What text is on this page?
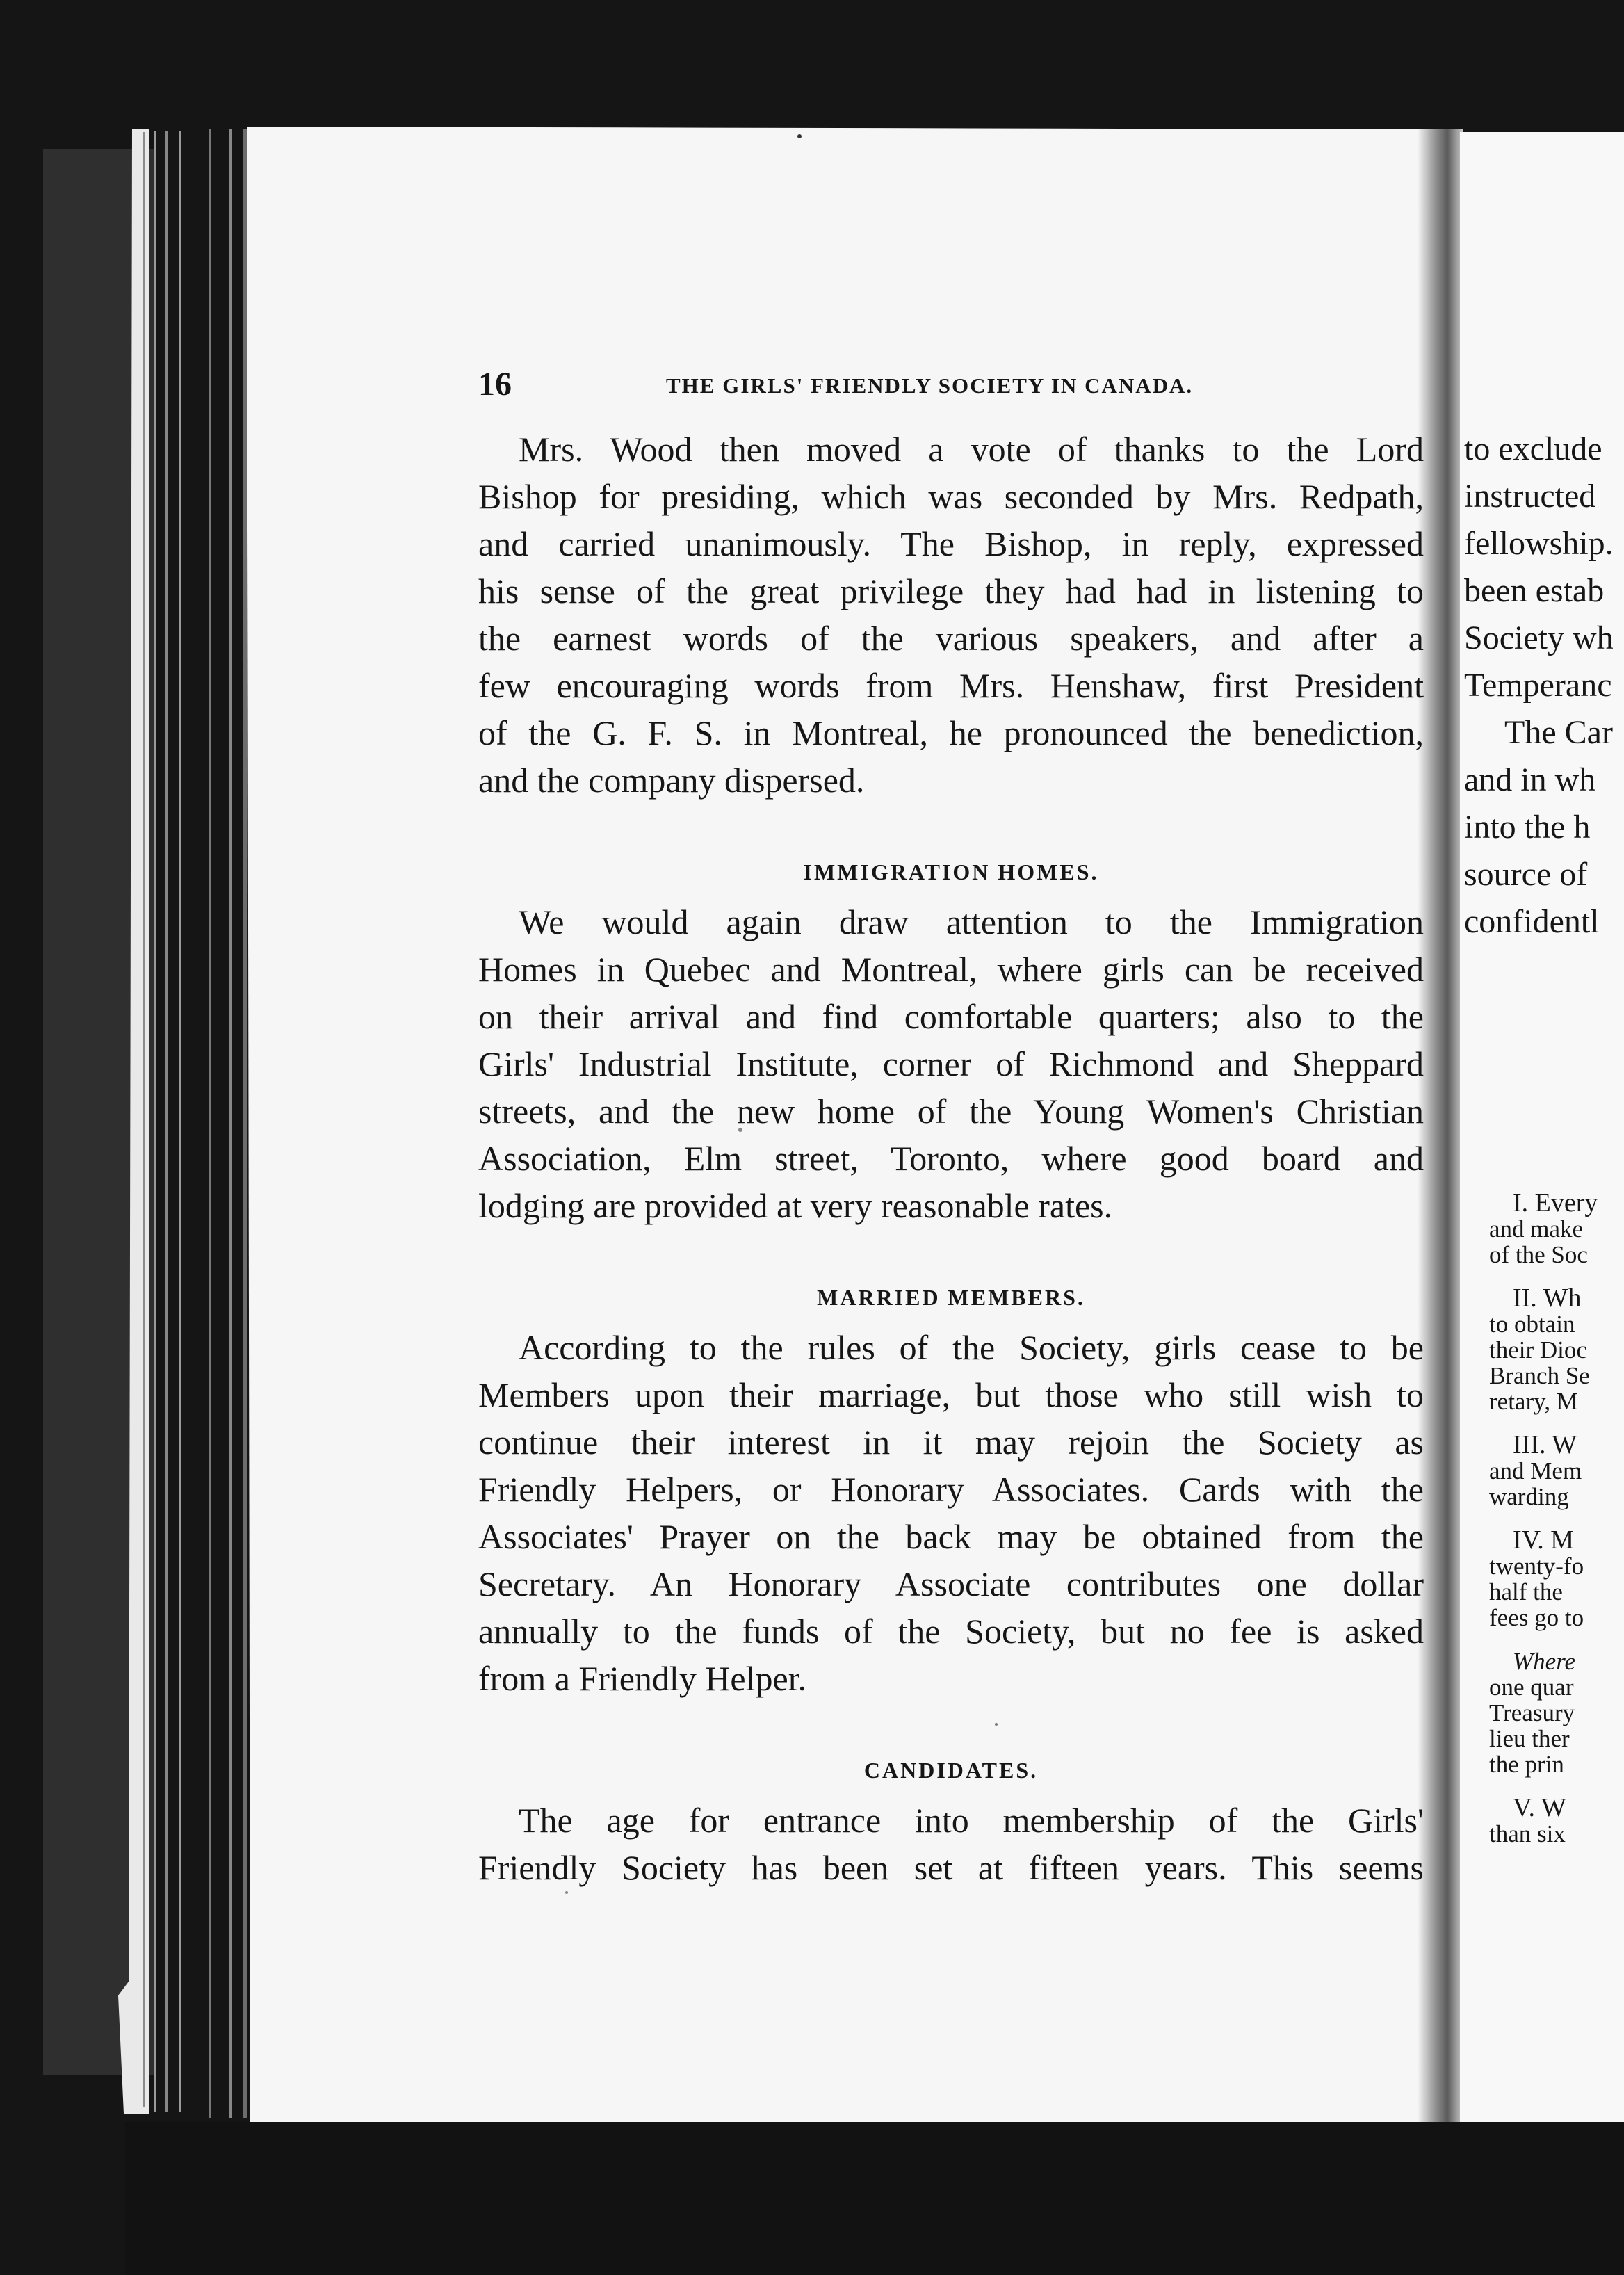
16	THE GIRLS' FRIENDLY SOCIETY IN CANADA.
Mrs. Wood then moved a vote of thanks to the Lord
Bishop for presiding, which was seconded by Mrs. Redpath,
and carried unanimously. The Bishop, in reply, expressed
his sense of the great privilege they had had in listening to
the earnest words of the various speakers, and after a
few encouraging words from Mrs. Henshaw, first President
of the G. F. S. in Montreal, he pronounced the benediction,
and the company dispersed.
IMMIGRATION HOMES.
We would again draw attention to the Immigration
Homes in Quebec and Montreal, where girls can be received
on their arrival and find comfortable quarters; also to the
Girls' Industrial Institute, corner of Richmond and Sheppard
streets, and the new home of the Young Women's Christian
Association, Elm street, Toronto, where good board and
lodging are provided at very reasonable rates.
MARRIED MEMBERS.
According to the rules of the Society, girls cease to be
Members upon their marriage, but those who still wish to
continue their interest in it may rejoin the Society as
Friendly Helpers, or Honorary Associates. Cards with the
Associates' Prayer on the back may be obtained from the
Secretary. An Honorary Associate contributes one dollar
annually to the funds of the Society, but no fee is asked
from a Friendly Helper.
CANDIDATES.
The age for entrance into membership of the Girls'
Friendly Society has been set at fifteen years. This seems
to exclude
instructed
fellowship.
been estab
Society wh
Temperanc
The Car
and in wh
into the h
source of
confidentl
I. Every
and make
of the Soc
II. Wh
to obtain
their Dioc
Branch Se
retary, M
III. W
and Mem
warding
IV. M
twenty-fo
half the
fees go to
Where
one quar
Treasury
lieu ther
the prin
V. W
than six
